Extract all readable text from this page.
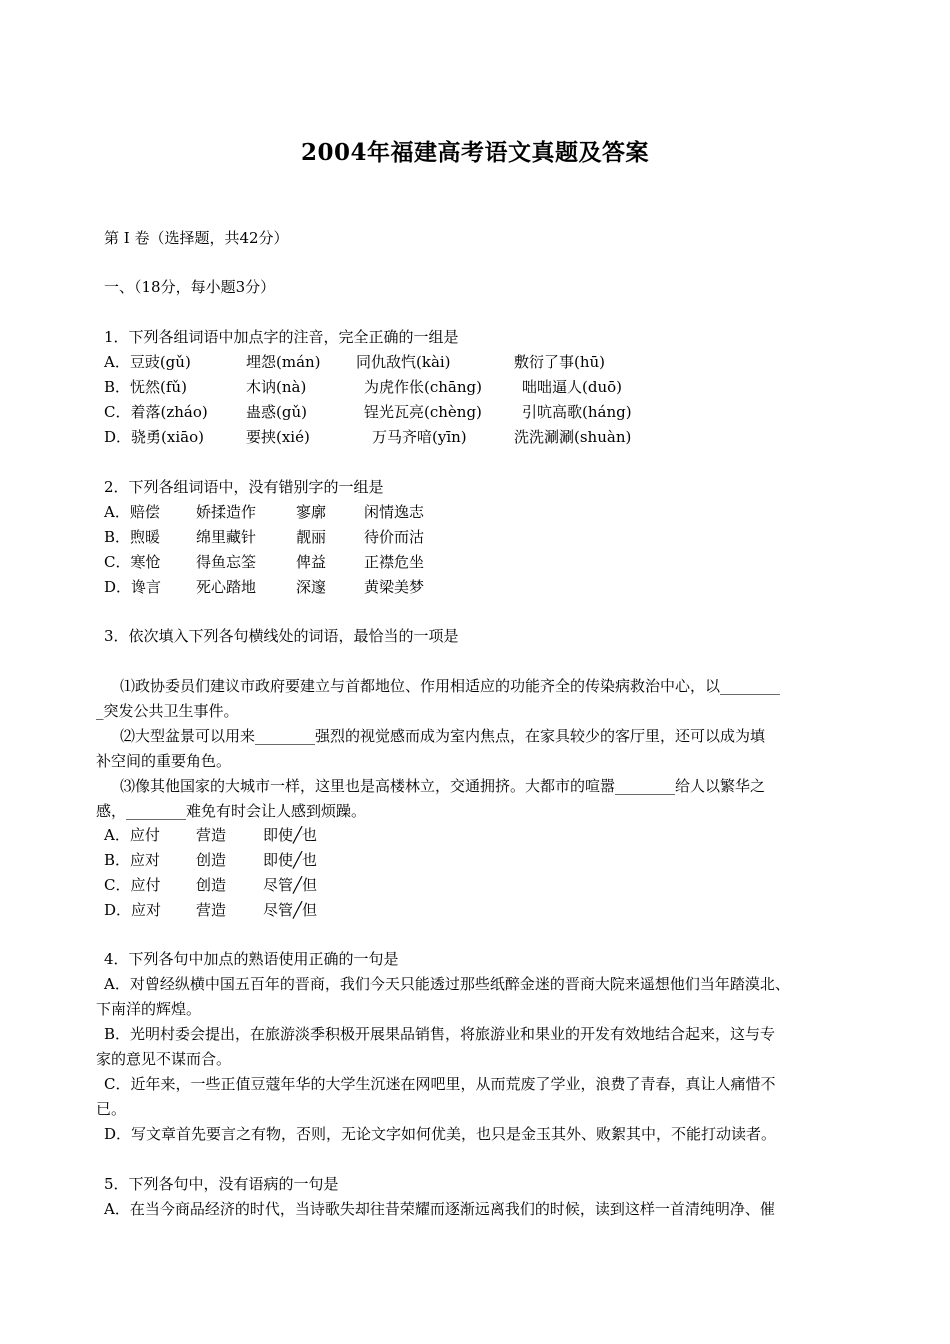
2004年福建高考语文真题及答案
第 I 卷（选择题，共42分）
一、（18分，每小题3分）
1．下列各组词语中加点字的注音，完全正确的一组是
A．豆豉(gǔ)	埋怨(mán) 同仇敌忾(kài)	敷衍了事(hū)
B．怃然(fǔ)	木讷(nà)	为虎作伥(chāng)	咄咄逼人(duō)
C．着落(zháo)	蛊惑(gǔ)	锃光瓦亮(chèng)	引吭高歌(háng)
D．骁勇(xiāo)	要挟(xié)	万马齐喑(yīn)	洗洗涮涮(shuàn)
2．下列各组词语中，没有错别字的一组是
A．赔偿 娇揉造作	寥廓	闲情逸志
B．煦暖 绵里藏针	靓丽	待价而沽
C．寒怆 得鱼忘筌	俾益	正襟危坐
D．谗言 死心踏地	深邃	黄梁美梦
3．依次填入下列各句横线处的词语，最恰当的一项是
⑴政协委员们建议市政府要建立与首都地位、作用相适应的功能齐全的传染病救治中心，以________
_突发公共卫生事件。
⑵大型盆景可以用来________强烈的视觉感而成为室内焦点，在家具较少的客厅里，还可以成为填
补空间的重要角色。
⑶像其他国家的大城市一样，这里也是高楼林立，交通拥挤。大都市的喧嚣________给人以繁华之
感，________难免有时会让人感到烦躁。
A．应付 营造 即使╱也
B．应对 创造 即使╱也
C．应付 创造 尽管╱但
D．应对 营造 尽管╱但
4．下列各句中加点的熟语使用正确的一句是
A．对曾经纵横中国五百年的晋商，我们今天只能透过那些纸醉金迷的晋商大院来遥想他们当年踏漠北、
下南洋的辉煌。
B．光明村委会提出，在旅游淡季积极开展果品销售，将旅游业和果业的开发有效地结合起来，这与专
家的意见不谋而合。
C．近年来，一些正值豆蔻年华的大学生沉迷在网吧里，从而荒废了学业，浪费了青春，真让人痛惜不
已。
D．写文章首先要言之有物，否则，无论文字如何优美，也只是金玉其外、败絮其中，不能打动读者。
5．下列各句中，没有语病的一句是
A．在当今商品经济的时代，当诗歌失却往昔荣耀而逐渐远离我们的时候，读到这样一首清纯明净、催
